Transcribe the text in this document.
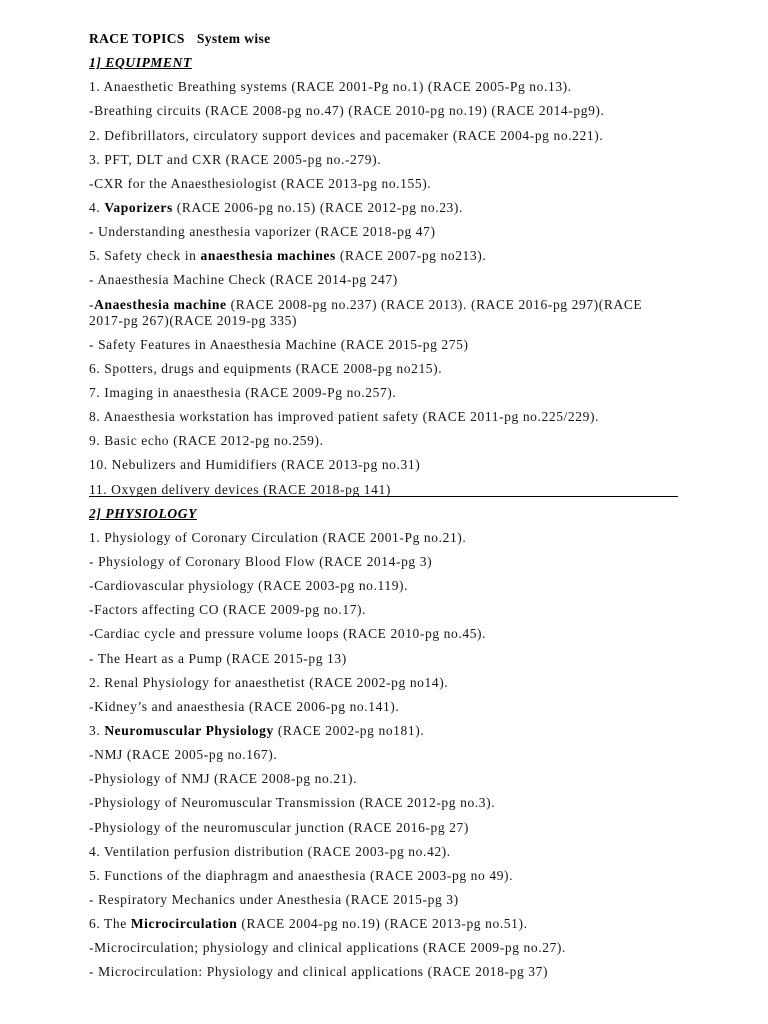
RACE TOPICS System wise

1] EQUIPMENT

1. Anaesthetic Breathing systems (RACE 2001-Pg no.1) (RACE 2005-Pg no.13).

-Breathing circuits (RACE 2008-pg no.47) (RACE 2010-pg no.19) (RACE 2014-pg9).

2. Defibrillators, circulatory support devices and pacemaker (RACE 2004-pg no.221).

3. PFT, DLT and CXR (RACE 2005-pg no.-279).

-CXR for the Anaesthesiologist (RACE 2013-pg no.155).

4. Vaporizers (RACE 2006-pg no.15) (RACE 2012-pg no.23).

- Understanding anesthesia vaporizer (RACE 2018-pg 47)

5. Safety check in anaesthesia machines (RACE 2007-pg no213).

- Anaesthesia Machine Check (RACE 2014-pg 247)

-Anaesthesia machine (RACE 2008-pg no.237) (RACE 2013). (RACE 2016-pg 297)(RACE 2017-pg 267)(RACE 2019-pg 335)

- Safety Features in Anaesthesia Machine (RACE 2015-pg 275)

6. Spotters, drugs and equipments (RACE 2008-pg no215).

7. Imaging in anaesthesia (RACE 2009-Pg no.257).

8. Anaesthesia workstation has improved patient safety (RACE 2011-pg no.225/229).

9. Basic echo (RACE 2012-pg no.259).

10. Nebulizers and Humidifiers (RACE 2013-pg no.31)

11. Oxygen delivery devices (RACE 2018-pg 141)

2] PHYSIOLOGY

1. Physiology of Coronary Circulation (RACE 2001-Pg no.21).

- Physiology of Coronary Blood Flow (RACE 2014-pg 3)

-Cardiovascular physiology (RACE 2003-pg no.119).

-Factors affecting CO (RACE 2009-pg no.17).

-Cardiac cycle and pressure volume loops (RACE 2010-pg no.45).

- The Heart as a Pump (RACE 2015-pg 13)

2. Renal Physiology for anaesthetist (RACE 2002-pg no14).

-Kidney’s and anaesthesia (RACE 2006-pg no.141).

3. Neuromuscular Physiology (RACE 2002-pg no181).

-NMJ (RACE 2005-pg no.167).

-Physiology of NMJ (RACE 2008-pg no.21).

-Physiology of Neuromuscular Transmission (RACE 2012-pg no.3).

-Physiology of the neuromuscular junction (RACE 2016-pg 27)

4. Ventilation perfusion distribution (RACE 2003-pg no.42).

5. Functions of the diaphragm and anaesthesia (RACE 2003-pg no 49).

- Respiratory Mechanics under Anesthesia (RACE 2015-pg 3)

6. The Microcirculation (RACE 2004-pg no.19) (RACE 2013-pg no.51).

-Microcirculation; physiology and clinical applications (RACE 2009-pg no.27).

- Microcirculation: Physiology and clinical applications (RACE 2018-pg 37)
